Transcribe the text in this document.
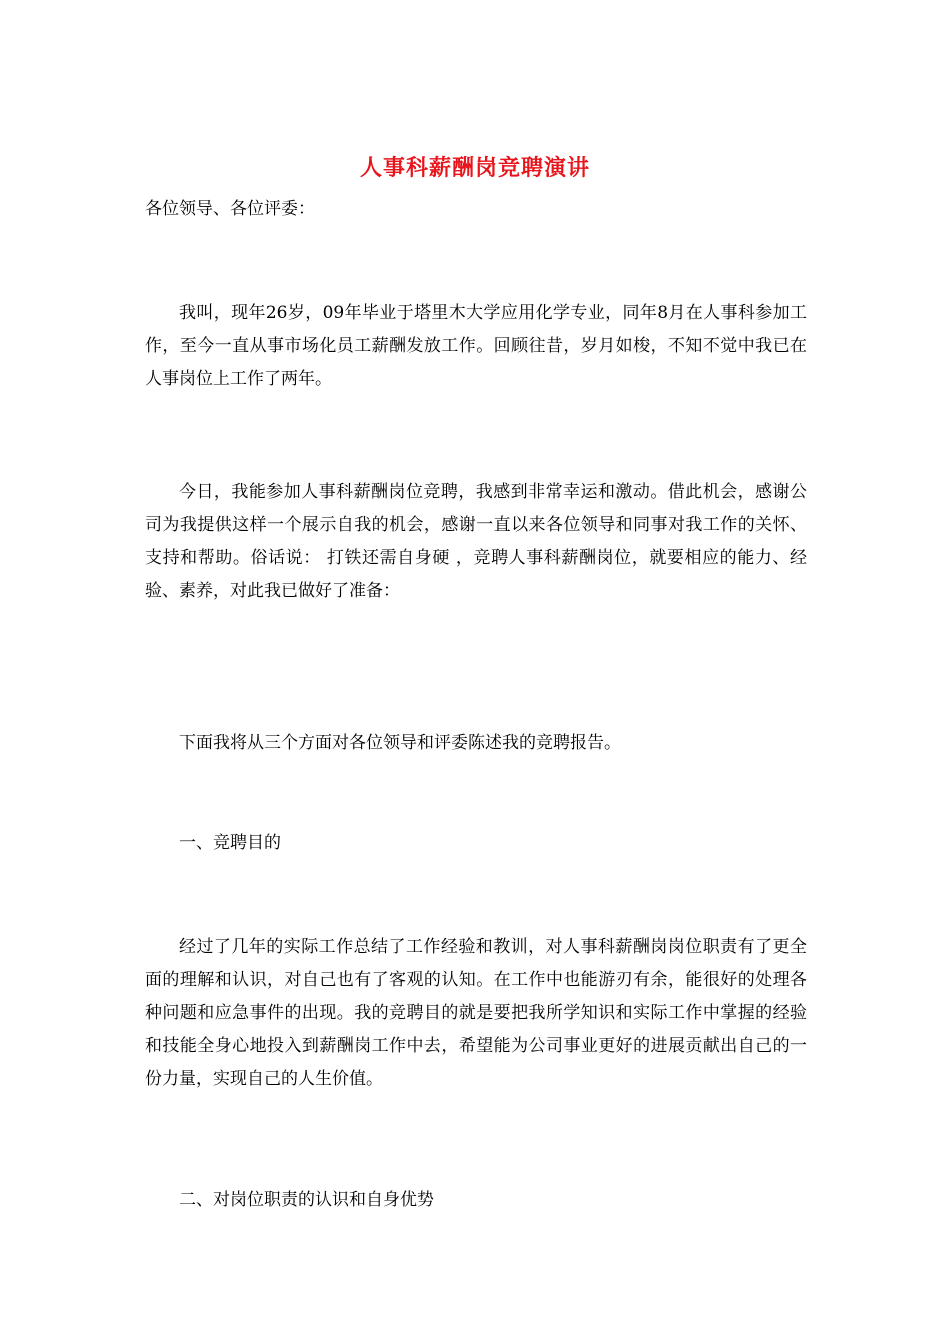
人事科薪酬岗竞聘演讲
各位领导、各位评委：
我叫，现年26岁，09年毕业于塔里木大学应用化学专业，同年8月在人事科参加工作，至今一直从事市场化员工薪酬发放工作。回顾往昔，岁月如梭，不知不觉中我已在人事岗位上工作了两年。
今日，我能参加人事科薪酬岗位竞聘，我感到非常幸运和激动。借此机会，感谢公司为我提供这样一个展示自我的机会，感谢一直以来各位领导和同事对我工作的关怀、支持和帮助。俗话说： 打铁还需自身硬 ，竞聘人事科薪酬岗位，就要相应的能力、经验、素养，对此我已做好了准备：
下面我将从三个方面对各位领导和评委陈述我的竞聘报告。
一、竞聘目的
经过了几年的实际工作总结了工作经验和教训，对人事科薪酬岗岗位职责有了更全面的理解和认识，对自己也有了客观的认知。在工作中也能游刃有余，能很好的处理各种问题和应急事件的出现。我的竞聘目的就是要把我所学知识和实际工作中掌握的经验和技能全身心地投入到薪酬岗工作中去，希望能为公司事业更好的进展贡献出自己的一份力量，实现自己的人生价值。
二、对岗位职责的认识和自身优势
